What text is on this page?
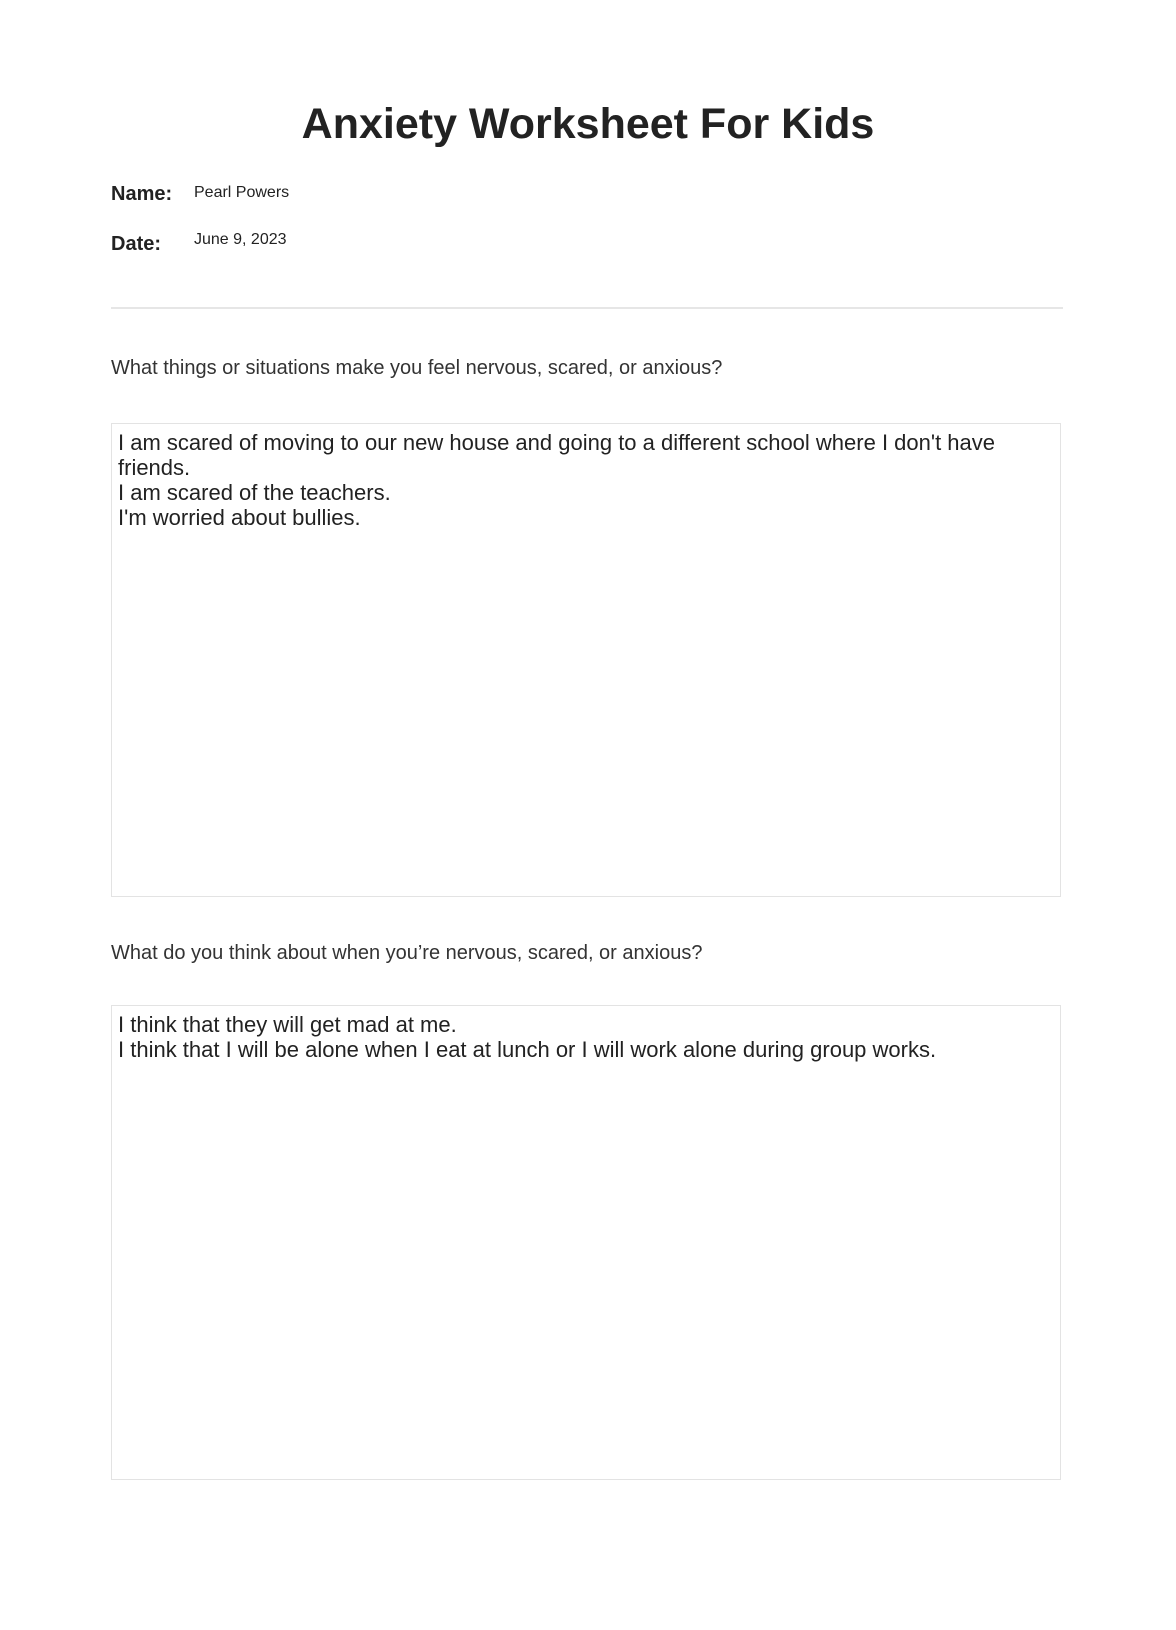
Anxiety Worksheet For Kids
Name: Pearl Powers
Date: June 9, 2023
What things or situations make you feel nervous, scared, or anxious?
I am scared of moving to our new house and going to a different school where I don't have friends.
I am scared of the teachers.
I'm worried about bullies.
What do you think about when you’re nervous, scared, or anxious?
I think that they will get mad at me.
I think that I will be alone when I eat at lunch or I will work alone during group works.
